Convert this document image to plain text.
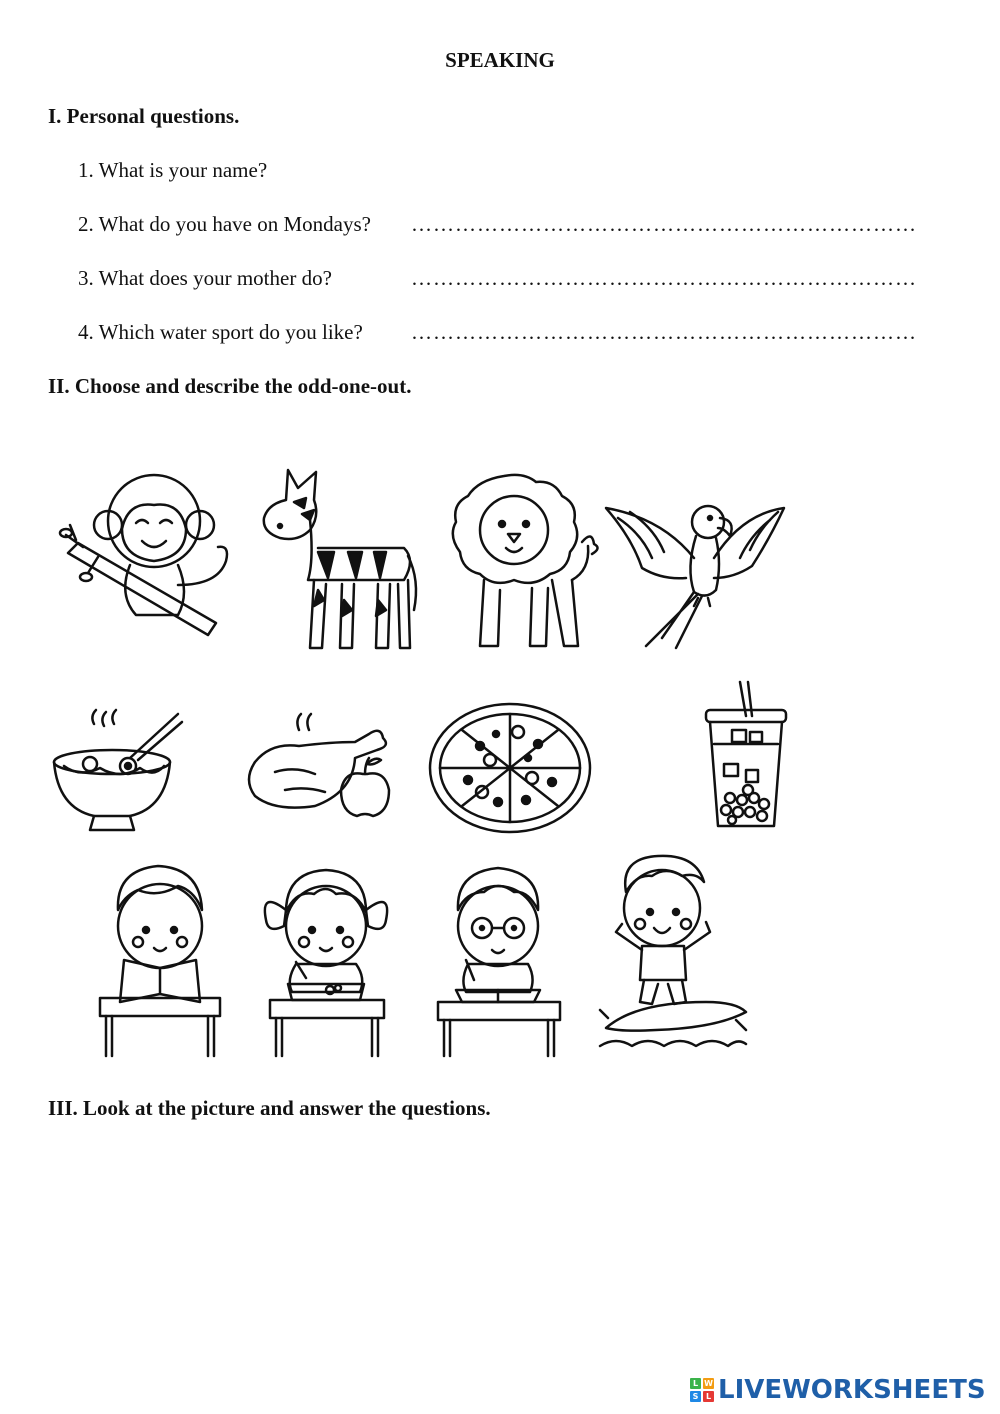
SPEAKING
I. Personal questions.
1. What is your name?
2. What do you have on Mondays? ……………………………………………………………
3. What does your mother do?	……………………………………………………………
4. Which water sport do you like? ……………………………………………………………
II. Choose and describe the odd-one-out.
III. Look at the picture and answer the questions.
L W
S L LIVEWORKSHEETS
